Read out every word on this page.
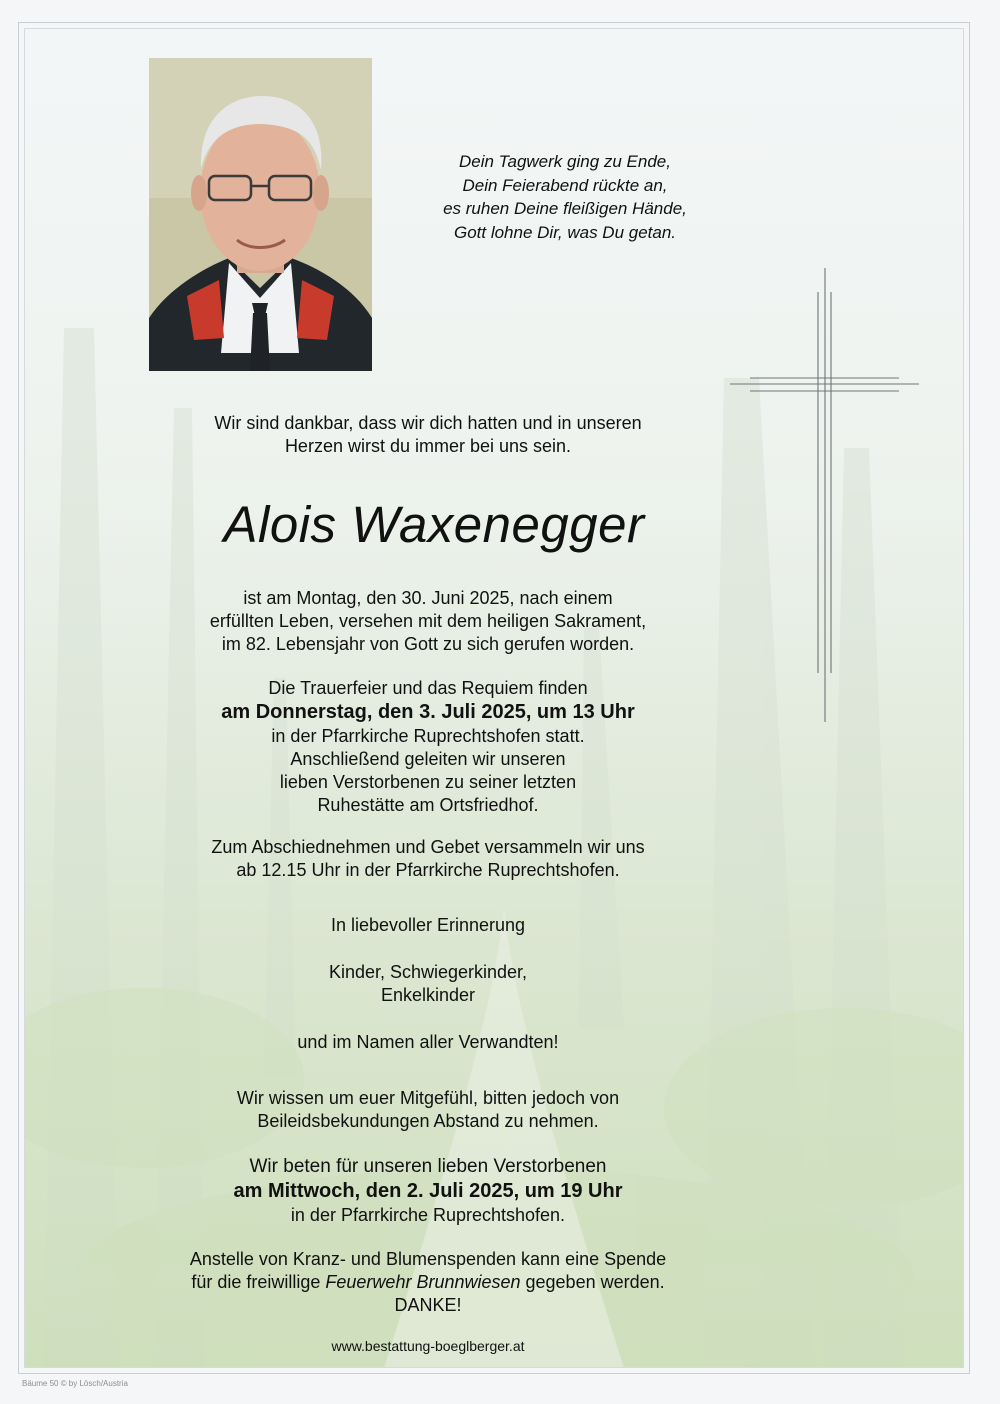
Dein Tagwerk ging zu Ende,
Dein Feierabend rückte an,
es ruhen Deine fleißigen Hände,
Gott lohne Dir, was Du getan.
Wir sind dankbar, dass wir dich hatten und in unseren
Herzen wirst du immer bei uns sein.
Alois Waxenegger
ist am Montag, den 30. Juni 2025, nach einem
erfüllten Leben, versehen mit dem heiligen Sakrament,
im 82. Lebensjahr von Gott zu sich gerufen worden.
Die Trauerfeier und das Requiem finden
am Donnerstag, den 3. Juli 2025, um 13 Uhr
in der Pfarrkirche Ruprechtshofen statt.
Anschließend geleiten wir unseren
lieben Verstorbenen zu seiner letzten
Ruhestätte am Ortsfriedhof.
Zum Abschiednehmen und Gebet versammeln wir uns
ab 12.15 Uhr in der Pfarrkirche Ruprechtshofen.
In liebevoller Erinnerung
Kinder, Schwiegerkinder,
Enkelkinder
und im Namen aller Verwandten!
Wir wissen um euer Mitgefühl, bitten jedoch von
Beileidsbekundungen Abstand zu nehmen.
Wir beten für unseren lieben Verstorbenen
am Mittwoch, den 2. Juli 2025, um 19 Uhr
in der Pfarrkirche Ruprechtshofen.
Anstelle von Kranz- und Blumenspenden kann eine Spende
für die freiwillige Feuerwehr Brunnwiesen gegeben werden.
DANKE!
www.bestattung-boeglberger.at
Bäume 50 © by Lösch/Austria
